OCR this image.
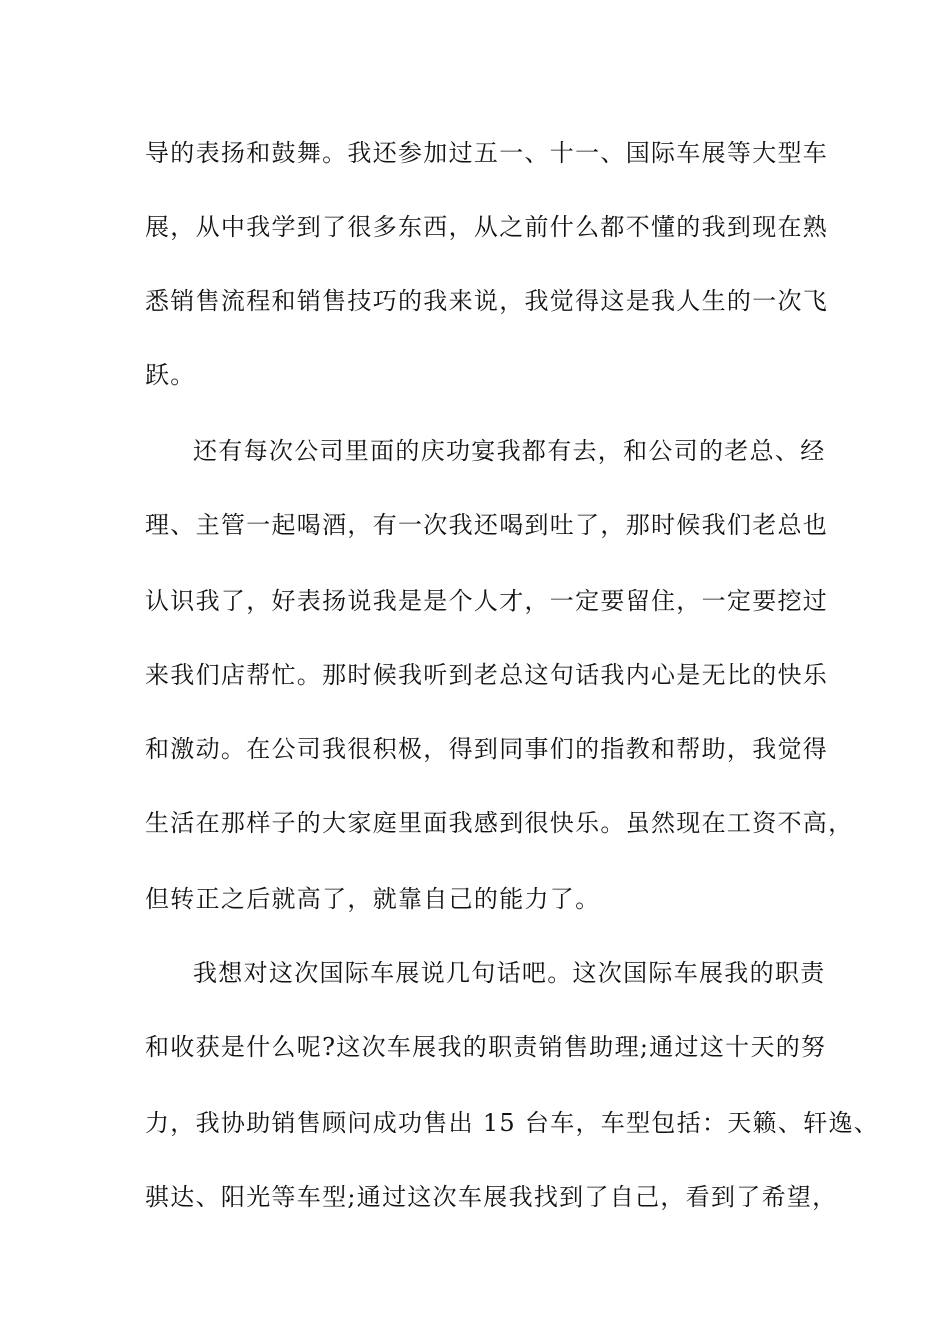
导的表扬和鼓舞。我还参加过五一、十一、国际车展等大型车
展，从中我学到了很多东西，从之前什么都不懂的我到现在熟
悉销售流程和销售技巧的我来说，我觉得这是我人生的一次飞
跃。
还有每次公司里面的庆功宴我都有去，和公司的老总、经
理、主管一起喝酒，有一次我还喝到吐了，那时候我们老总也
认识我了，好表扬说我是是个人才，一定要留住，一定要挖过
来我们店帮忙。那时候我听到老总这句话我内心是无比的快乐
和激动。在公司我很积极，得到同事们的指教和帮助，我觉得
生活在那样子的大家庭里面我感到很快乐。虽然现在工资不高，
但转正之后就高了，就靠自己的能力了。
我想对这次国际车展说几句话吧。这次国际车展我的职责
和收获是什么呢?这次车展我的职责销售助理;通过这十天的努
力，我协助销售顾问成功售出 15 台车，车型包括：天籁、轩逸、
骐达、阳光等车型;通过这次车展我找到了自己，看到了希望，
